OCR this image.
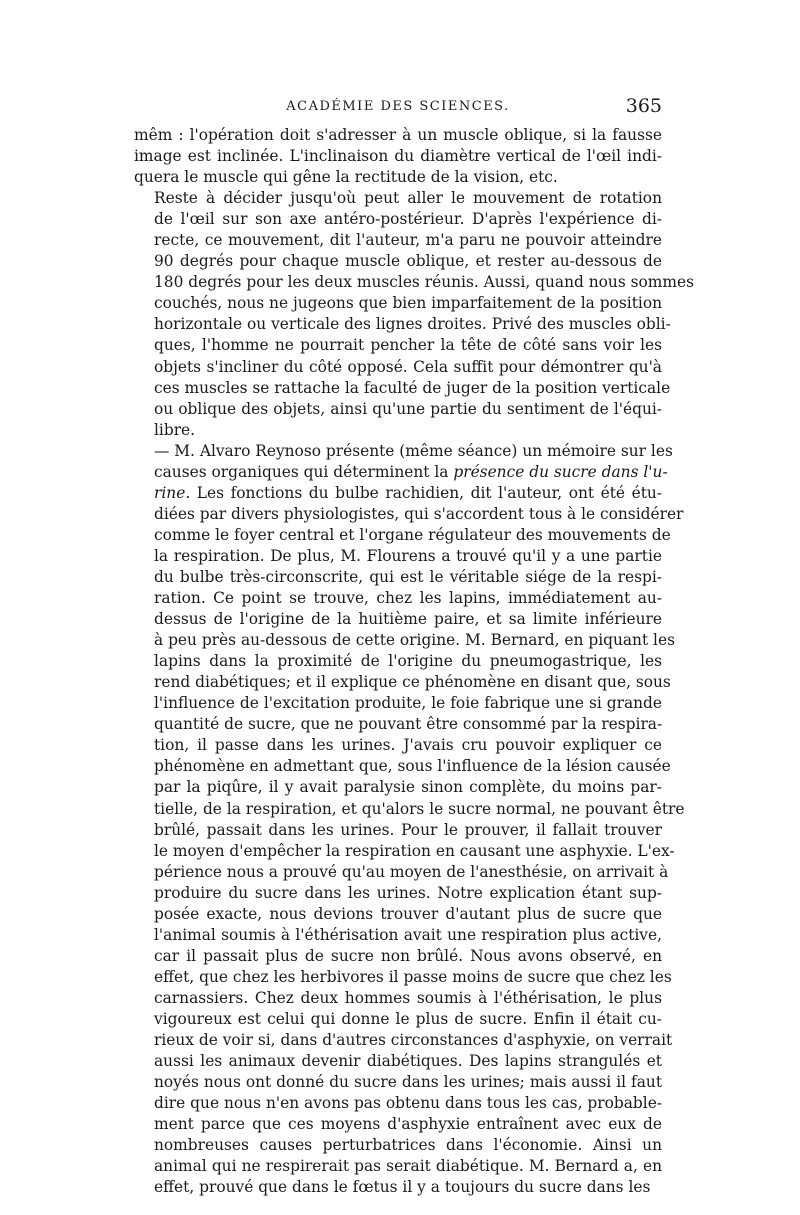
ACADÉMIE DES SCIENCES.	365

mêm : l'opération doit s'adresser à un muscle oblique, si la fausse
image est inclinée. L'inclinaison du diamètre vertical de l'œil indi-
quera le muscle qui gêne la rectitude de la vision, etc.

Reste à décider jusqu'où peut aller le mouvement de rotation
de l'œil sur son axe antéro-postérieur. D'après l'expérience di-
recte, ce mouvement, dit l'auteur, m'a paru ne pouvoir atteindre
90 degrés pour chaque muscle oblique, et rester au-dessous de
180 degrés pour les deux muscles réunis. Aussi, quand nous sommes
couchés, nous ne jugeons que bien imparfaitement de la position
horizontale ou verticale des lignes droites. Privé des muscles obli-
ques, l'homme ne pourrait pencher la tête de côté sans voir les
objets s'incliner du côté opposé. Cela suffit pour démontrer qu'à
ces muscles se rattache la faculté de juger de la position verticale
ou oblique des objets, ainsi qu'une partie du sentiment de l'équi-
libre.

— M. Alvaro Reynoso présente (même séance) un mémoire sur les
causes organiques qui déterminent la présence du sucre dans l'u-
rine. Les fonctions du bulbe rachidien, dit l'auteur, ont été étu-
diées par divers physiologistes, qui s'accordent tous à le considérer
comme le foyer central et l'organe régulateur des mouvements de
la respiration. De plus, M. Flourens a trouvé qu'il y a une partie
du bulbe très-circonscrite, qui est le véritable siége de la respi-
ration. Ce point se trouve, chez les lapins, immédiatement au-
dessus de l'origine de la huitième paire, et sa limite inférieure
à peu près au-dessous de cette origine. M. Bernard, en piquant les
lapins dans la proximité de l'origine du pneumogastrique, les
rend diabétiques; et il explique ce phénomène en disant que, sous
l'influence de l'excitation produite, le foie fabrique une si grande
quantité de sucre, que ne pouvant être consommé par la respira-
tion, il passe dans les urines. J'avais cru pouvoir expliquer ce
phénomène en admettant que, sous l'influence de la lésion causée
par la piqûre, il y avait paralysie sinon complète, du moins par-
tielle, de la respiration, et qu'alors le sucre normal, ne pouvant être
brûlé, passait dans les urines. Pour le prouver, il fallait trouver
le moyen d'empêcher la respiration en causant une asphyxie. L'ex-
périence nous a prouvé qu'au moyen de l'anesthésie, on arrivait à
produire du sucre dans les urines. Notre explication étant sup-
posée exacte, nous devions trouver d'autant plus de sucre que
l'animal soumis à l'éthérisation avait une respiration plus active,
car il passait plus de sucre non brûlé. Nous avons observé, en
effet, que chez les herbivores il passe moins de sucre que chez les
carnassiers. Chez deux hommes soumis à l'éthérisation, le plus
vigoureux est celui qui donne le plus de sucre. Enfin il était cu-
rieux de voir si, dans d'autres circonstances d'asphyxie, on verrait
aussi les animaux devenir diabétiques. Des lapins strangulés et
noyés nous ont donné du sucre dans les urines; mais aussi il faut
dire que nous n'en avons pas obtenu dans tous les cas, probable-
ment parce que ces moyens d'asphyxie entraînent avec eux de
nombreuses causes perturbatrices dans l'économie. Ainsi un
animal qui ne respirerait pas serait diabétique. M. Bernard a, en
effet, prouvé que dans le fœtus il y a toujours du sucre dans les
